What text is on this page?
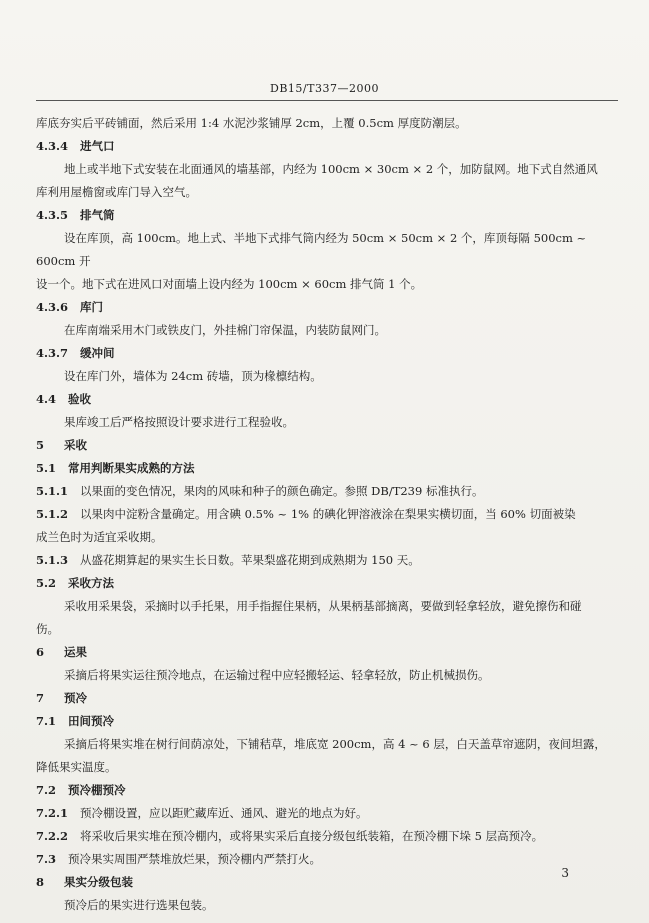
DB15/T337—2000

库底夯实后平砖铺面，然后采用 1:4 水泥沙浆铺厚 2cm，上覆 0.5cm 厚度防潮层。

4.3.4 进气口

地上或半地下式安装在北面通风的墙基部，内经为 100cm × 30cm × 2 个，加防鼠网。地下式自然通风

库利用屋檐窗或库门导入空气。

4.3.5 排气筒

设在库顶，高 100cm。地上式、半地下式排气筒内经为 50cm × 50cm × 2 个，库顶每隔 500cm ~ 600cm 开

设一个。地下式在进风口对面墙上设内经为 100cm × 60cm 排气筒 1 个。

4.3.6 库门

在库南端采用木门或铁皮门，外挂棉门帘保温，内装防鼠网门。

4.3.7 缓冲间

设在库门外，墙体为 24cm 砖墙，顶为椽檩结构。

4.4 验收

果库竣工后严格按照设计要求进行工程验收。

5 采收
5.1 常用判断果实成熟的方法
5.1.1 以果面的变色情况，果肉的风味和种子的颜色确定。参照 DB/T239 标准执行。
5.1.2 以果肉中淀粉含量确定。用含碘 0.5% ~ 1% 的碘化钾溶液涂在梨果实横切面，当 60% 切面被染

成兰色时为适宜采收期。

5.1.3 从盛花期算起的果实生长日数。苹果梨盛花期到成熟期为 150 天。
5.2 采收方法

采收用采果袋，采摘时以手托果，用手指握住果柄，从果柄基部摘离，要做到轻拿轻放，避免擦伤和碰

伤。

6 运果

采摘后将果实运往预冷地点，在运输过程中应轻搬轻运、轻拿轻放，防止机械损伤。

7 预冷
7.1 田间预冷

采摘后将果实堆在树行间荫凉处，下铺秸草，堆底宽 200cm，高 4 ~ 6 层，白天盖草帘遮阴，夜间坦露，

降低果实温度。

7.2 预冷棚预冷
7.2.1 预冷棚设置，应以距贮藏库近、通风、避光的地点为好。
7.2.2 将采收后果实堆在预冷棚内，或将果实采后直接分级包纸装箱，在预冷棚下垛 5 层高预冷。
7.3 预冷果实周围严禁堆放烂果，预冷棚内严禁打火。
8 果实分级包装

预冷后的果实进行选果包装。

3
